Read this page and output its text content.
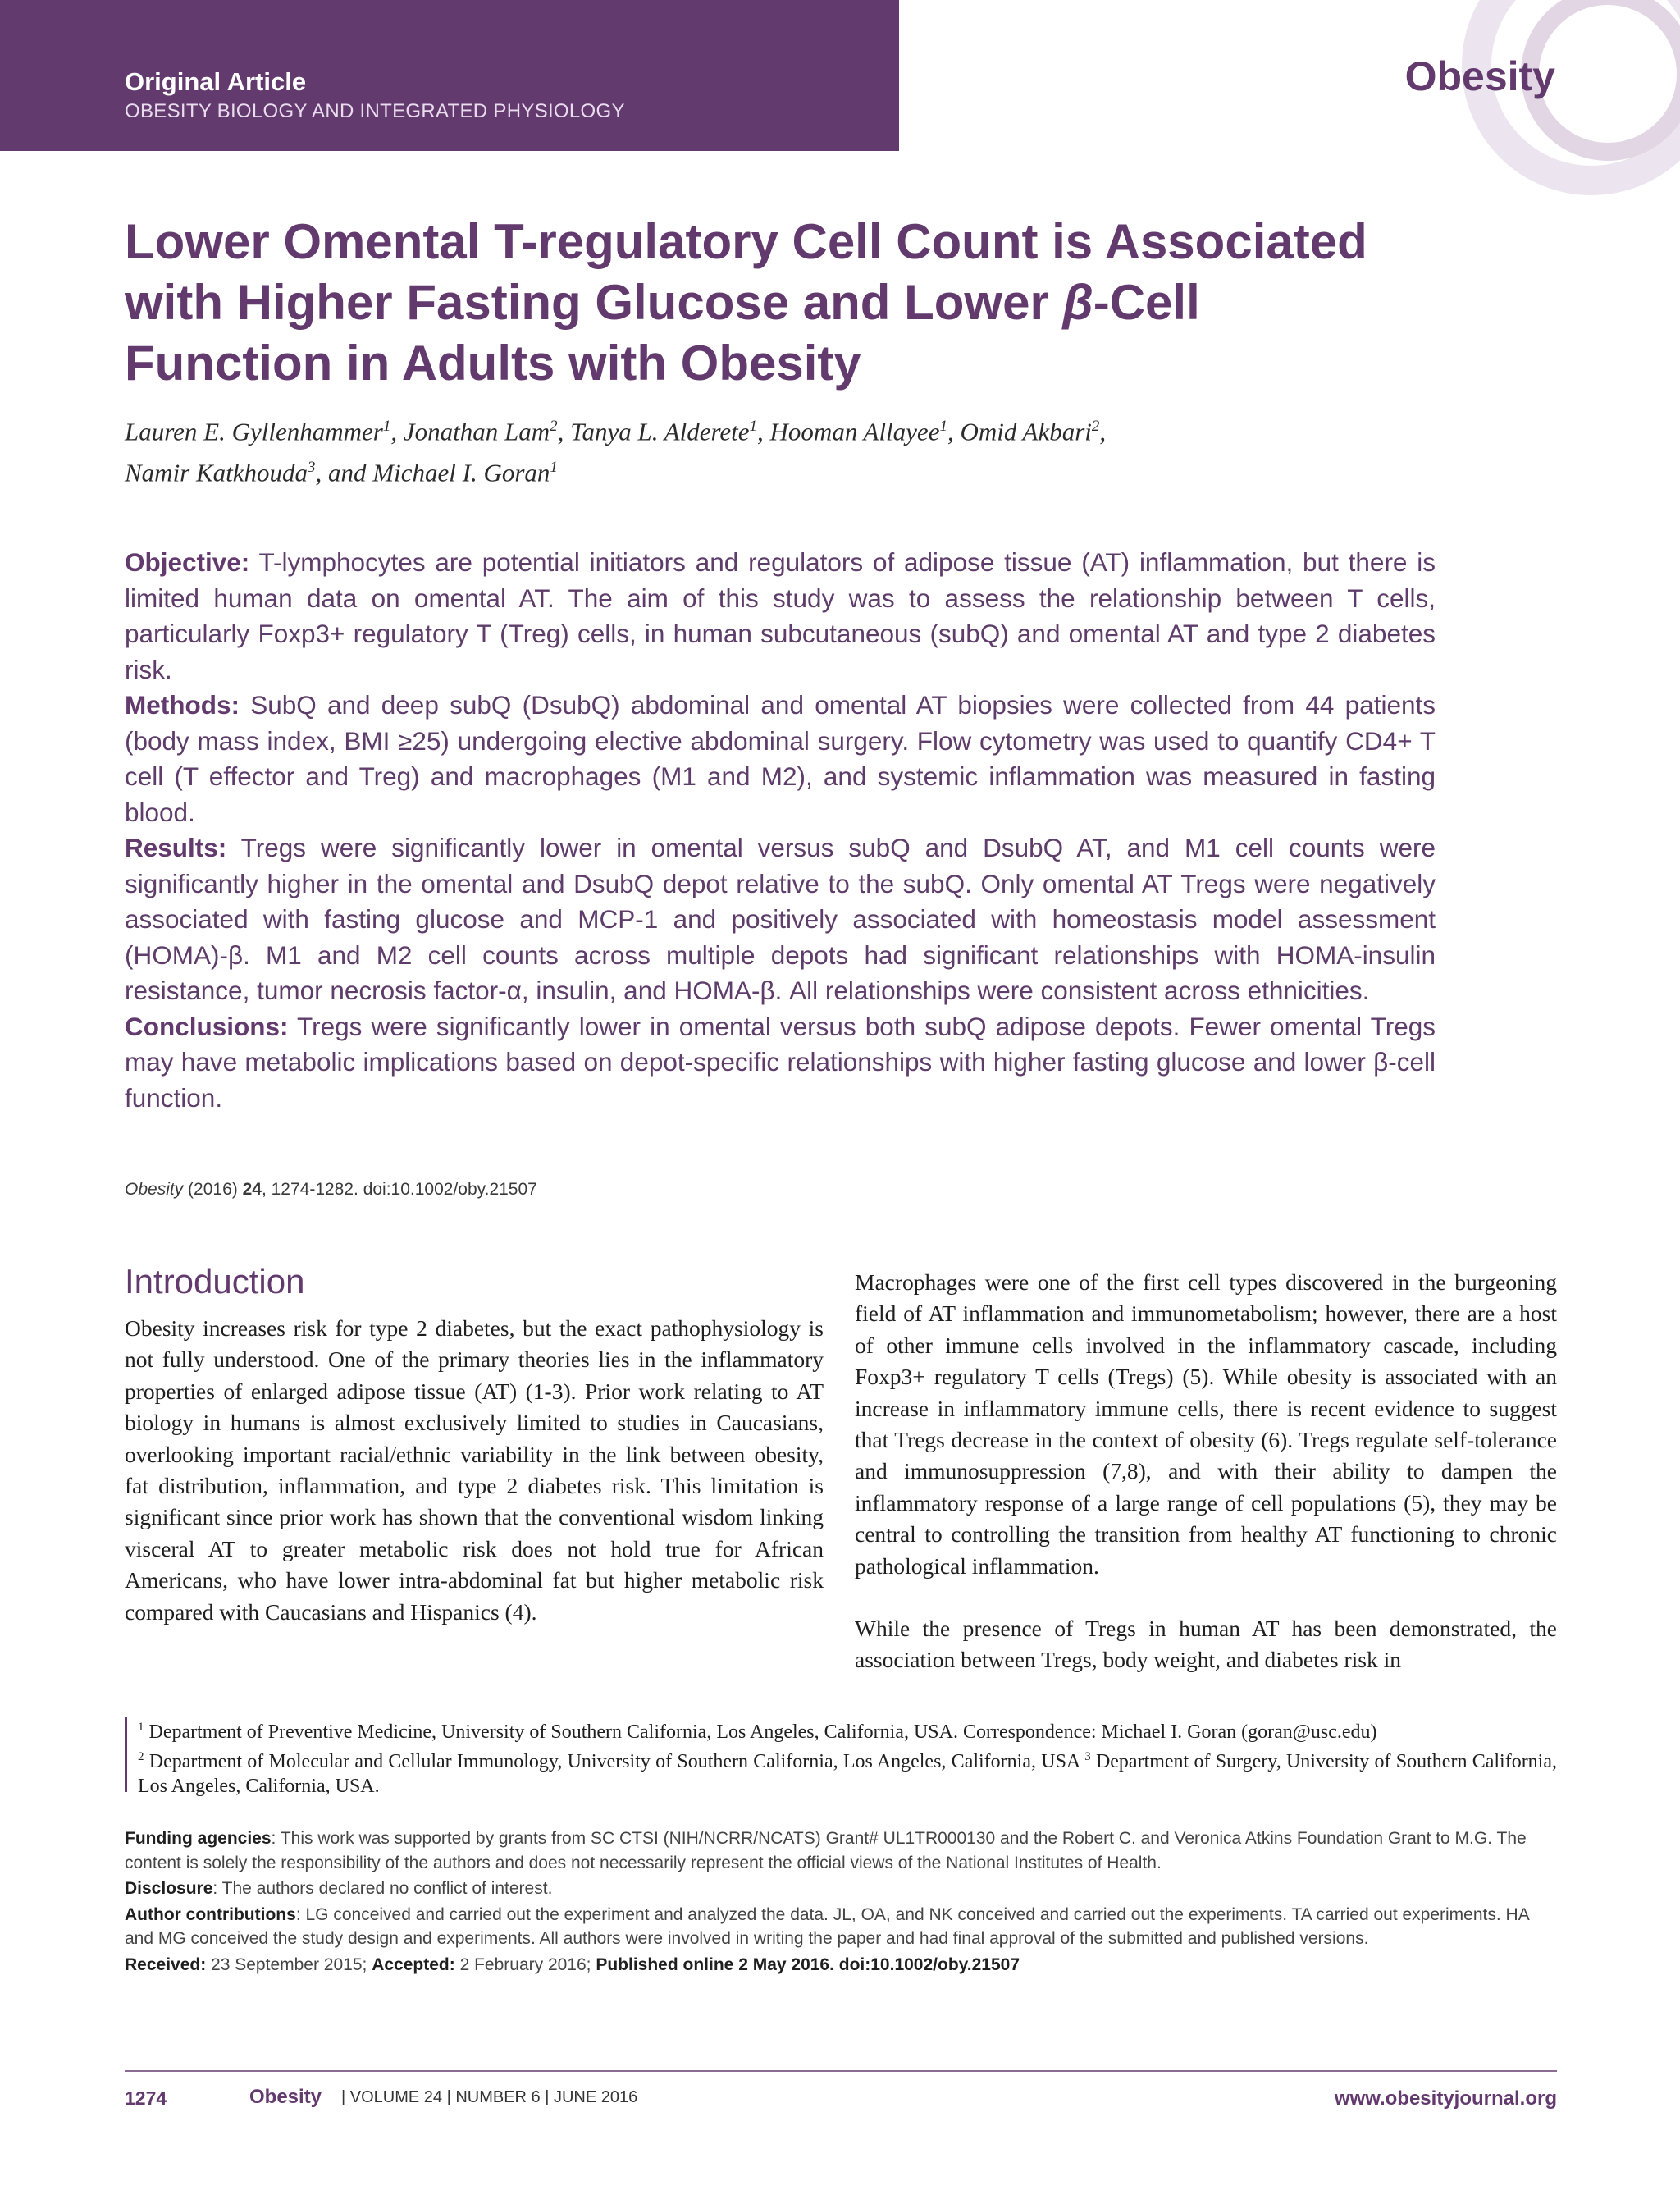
Original Article
OBESITY BIOLOGY AND INTEGRATED PHYSIOLOGY
Obesity
Lower Omental T-regulatory Cell Count is Associated
with Higher Fasting Glucose and Lower β-Cell
Function in Adults with Obesity
Lauren E. Gyllenhammer$^1$, Jonathan Lam$^2$, Tanya L. Alderete$^1$, Hooman Allayee$^1$, Omid Akbari$^2$,
Namir Katkhouda$^3$, and Michael I. Goran$^1$

Objective: T-lymphocytes are potential initiators and regulators of adipose tissue (AT) inflammation, but there is limited human data on omental AT. The aim of this study was to assess the relationship between T cells, particularly Foxp3+ regulatory T (Treg) cells, in human subcutaneous (subQ) and omental AT and type 2 diabetes risk.

Methods: SubQ and deep subQ (DsubQ) abdominal and omental AT biopsies were collected from 44 patients (body mass index, BMI ≥25) undergoing elective abdominal surgery. Flow cytometry was used to quantify CD4+ T cell (T effector and Treg) and macrophages (M1 and M2), and systemic inflammation was measured in fasting blood.

Results: Tregs were significantly lower in omental versus subQ and DsubQ AT, and M1 cell counts were significantly higher in the omental and DsubQ depot relative to the subQ. Only omental AT Tregs were negatively associated with fasting glucose and MCP-1 and positively associated with homeostasis model assessment (HOMA)-β. M1 and M2 cell counts across multiple depots had significant relationships with HOMA-insulin resistance, tumor necrosis factor-α, insulin, and HOMA-β. All relationships were consistent across ethnicities.

Conclusions: Tregs were significantly lower in omental versus both subQ adipose depots. Fewer omental Tregs may have metabolic implications based on depot-specific relationships with higher fasting glucose and lower β-cell function.

Obesity (2016) 24, 1274-1282. doi:10.1002/oby.21507
Introduction

Obesity increases risk for type 2 diabetes, but the exact pathophysiology is not fully understood. One of the primary theories lies in the inflammatory properties of enlarged adipose tissue (AT) (1-3). Prior work relating to AT biology in humans is almost exclusively limited to studies in Caucasians, overlooking important racial/ethnic variability in the link between obesity, fat distribution, inflammation, and type 2 diabetes risk. This limitation is significant since prior work has shown that the conventional wisdom linking visceral AT to greater metabolic risk does not hold true for African Americans, who have lower intra-abdominal fat but higher metabolic risk compared with Caucasians and Hispanics (4).

Macrophages were one of the first cell types discovered in the burgeoning field of AT inflammation and immunometabolism; however, there are a host of other immune cells involved in the inflammatory cascade, including Foxp3+ regulatory T cells (Tregs) (5). While obesity is associated with an increase in inflammatory immune cells, there is recent evidence to suggest that Tregs decrease in the context of obesity (6). Tregs regulate self-tolerance and immunosuppression (7,8), and with their ability to dampen the inflammatory response of a large range of cell populations (5), they may be central to controlling the transition from healthy AT functioning to chronic pathological inflammation.

While the presence of Tregs in human AT has been demonstrated, the association between Tregs, body weight, and diabetes risk in

$^1$ Department of Preventive Medicine, University of Southern California, Los Angeles, California, USA. Correspondence: Michael I. Goran (goran@usc.edu)

$^2$ Department of Molecular and Cellular Immunology, University of Southern California, Los Angeles, California, USA $^3$ Department of Surgery, University of Southern California, Los Angeles, California, USA.

Funding agencies: This work was supported by grants from SC CTSI (NIH/NCRR/NCATS) Grant# UL1TR000130 and the Robert C. and Veronica Atkins Foundation Grant to M.G. The content is solely the responsibility of the authors and does not necessarily represent the official views of the National Institutes of Health.

Disclosure: The authors declared no conflict of interest.

Author contributions: LG conceived and carried out the experiment and analyzed the data. JL, OA, and NK conceived and carried out the experiments. TA carried out experiments. HA and MG conceived the study design and experiments. All authors were involved in writing the paper and had final approval of the submitted and published versions.

Received: 23 September 2015; Accepted: 2 February 2016; Published online 2 May 2016. doi:10.1002/oby.21507

1274	Obesity | VOLUME 24 | NUMBER 6 | JUNE 2016	www.obesityjournal.org
